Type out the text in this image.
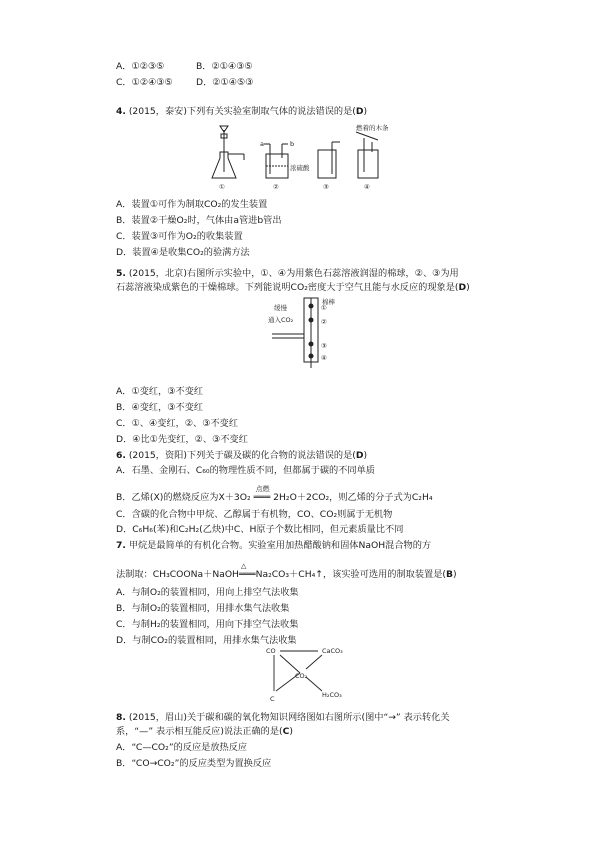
A．①②③⑤	B．②①④③⑤
C．①②④③⑤	D．②①④⑤③
4. (2015，泰安)下列有关实验室制取气体的说法错误的是(D)
①	②	③	④
a	b
浓硫酸
燃着的木条
A．装置①可作为制取CO₂的发生装置
B．装置②干燥O₂时，气体由a管进b管出
C．装置③可作为O₂的收集装置
D．装置④是收集CO₂的验满方法
5. (2015，北京)右图所示实验中，①、④为用紫色石蕊溶液润湿的棉球，②、③为用
石蕊溶液染成紫色的干燥棉球。下列能说明CO₂密度大于空气且能与水反应的现象是(D)
缓慢
通入CO₂
棉棒
①
②
③
④
A．①变红，③不变红
B．④变红，③不变红
C．①、④变红，②、③不变红
D．④比①先变红，②、③不变红
6. (2015，资阳)下列关于碳及碳的化合物的说法错误的是(D)
A．石墨、金刚石、C₆₀的物理性质不同，但都属于碳的不同单质
B．乙烯(X)的燃烧反应为X＋3O₂
点燃
═══ 2H₂O＋2CO₂，则乙烯的分子式为C₂H₄
C．含碳的化合物中甲烷、乙醇属于有机物，CO、CO₂则属于无机物
D．C₆H₆(苯)和C₂H₂(乙炔)中C、H原子个数比相同，但元素质量比不同
7. 甲烷是最简单的有机化合物。实验室用加热醋酸钠和固体NaOH混合物的方
法制取：CH₃COONa＋NaOH
△
═══Na₂CO₃＋CH₄↑，该实验可选用的制取装置是(B)
A．与制O₂的装置相同，用向上排空气法收集
B．与制O₂的装置相同，用排水集气法收集
C．与制H₂的装置相同，用向下排空气法收集
D．与制CO₂的装置相同，用排水集气法收集
CO
CO₂
CaCO₃
H₂CO₃
C
8. (2015，眉山)关于碳和碳的氧化物知识网络图如右图所示(图中“→” 表示转化关
系，“—” 表示相互能反应)说法正确的是(C)
A．“C—CO₂”的反应是放热反应
B．“CO→CO₂”的反应类型为置换反应
